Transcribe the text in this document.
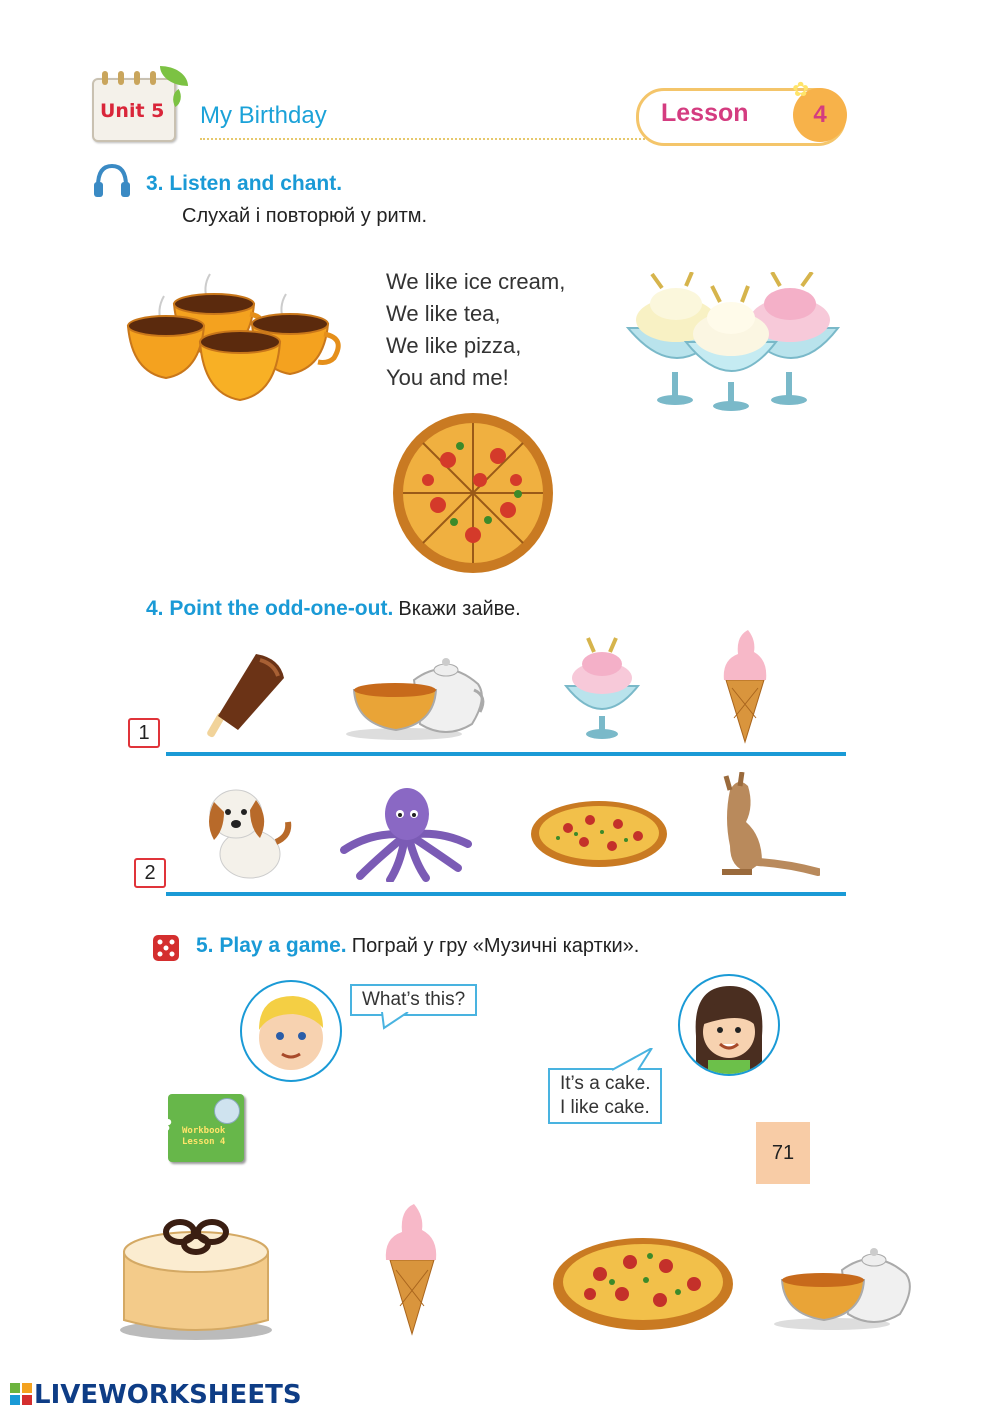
Unit 5 My Birthday	Lesson	4
✿
3. Listen and chant.
Слухай і повторюй у ритм.

We like ice cream,

We like tea,

We like pizza,

You and me!

4. Point the odd-one-out. Вкажи зайве.
1
2
5. Play a game. Пограй у гру «Музичні картки».
What’s this?
It’s a cake.
I like cake.
✿ Workbook
Lesson 4	71
LIVEWORKSHEETS
